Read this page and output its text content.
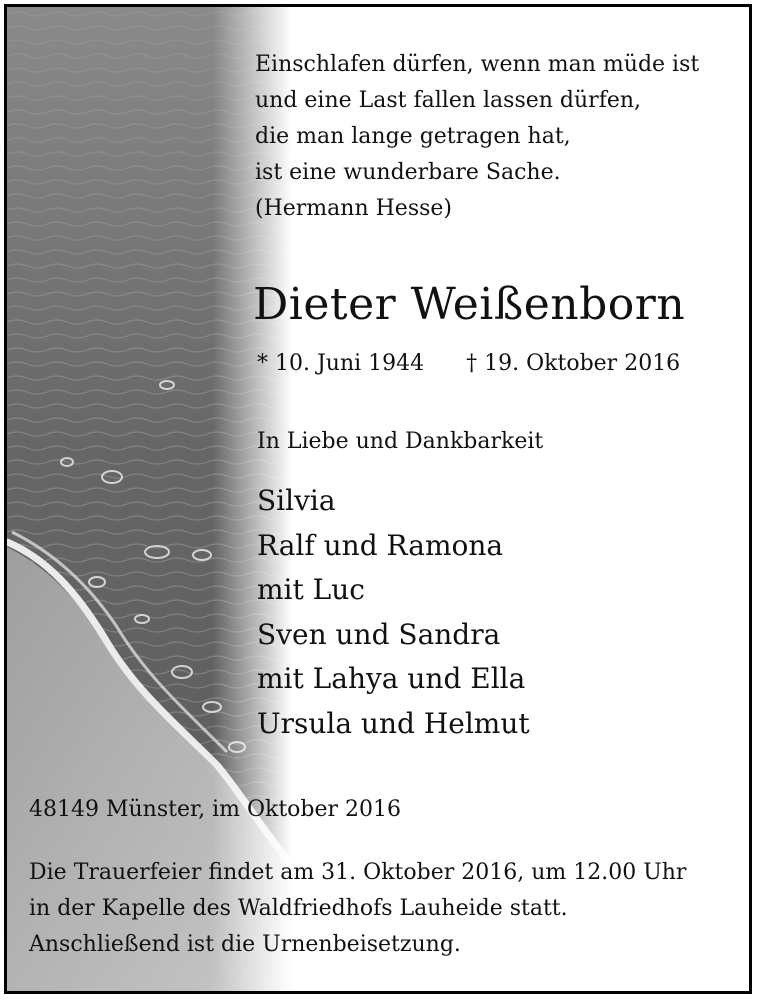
Einschlafen dürfen, wenn man müde ist
und eine Last fallen lassen dürfen,
die man lange getragen hat,
ist eine wunderbare Sache.
(Hermann Hesse)
Dieter Weißenborn
* 10. Juni 1944 † 19. Oktober 2016
In Liebe und Dankbarkeit
Silvia
Ralf und Ramona
mit Luc
Sven und Sandra
mit Lahya und Ella
Ursula und Helmut
48149 Münster, im Oktober 2016
Die Trauerfeier findet am 31. Oktober 2016, um 12.00 Uhr
in der Kapelle des Waldfriedhofs Lauheide statt.
Anschließend ist die Urnenbeisetzung.
